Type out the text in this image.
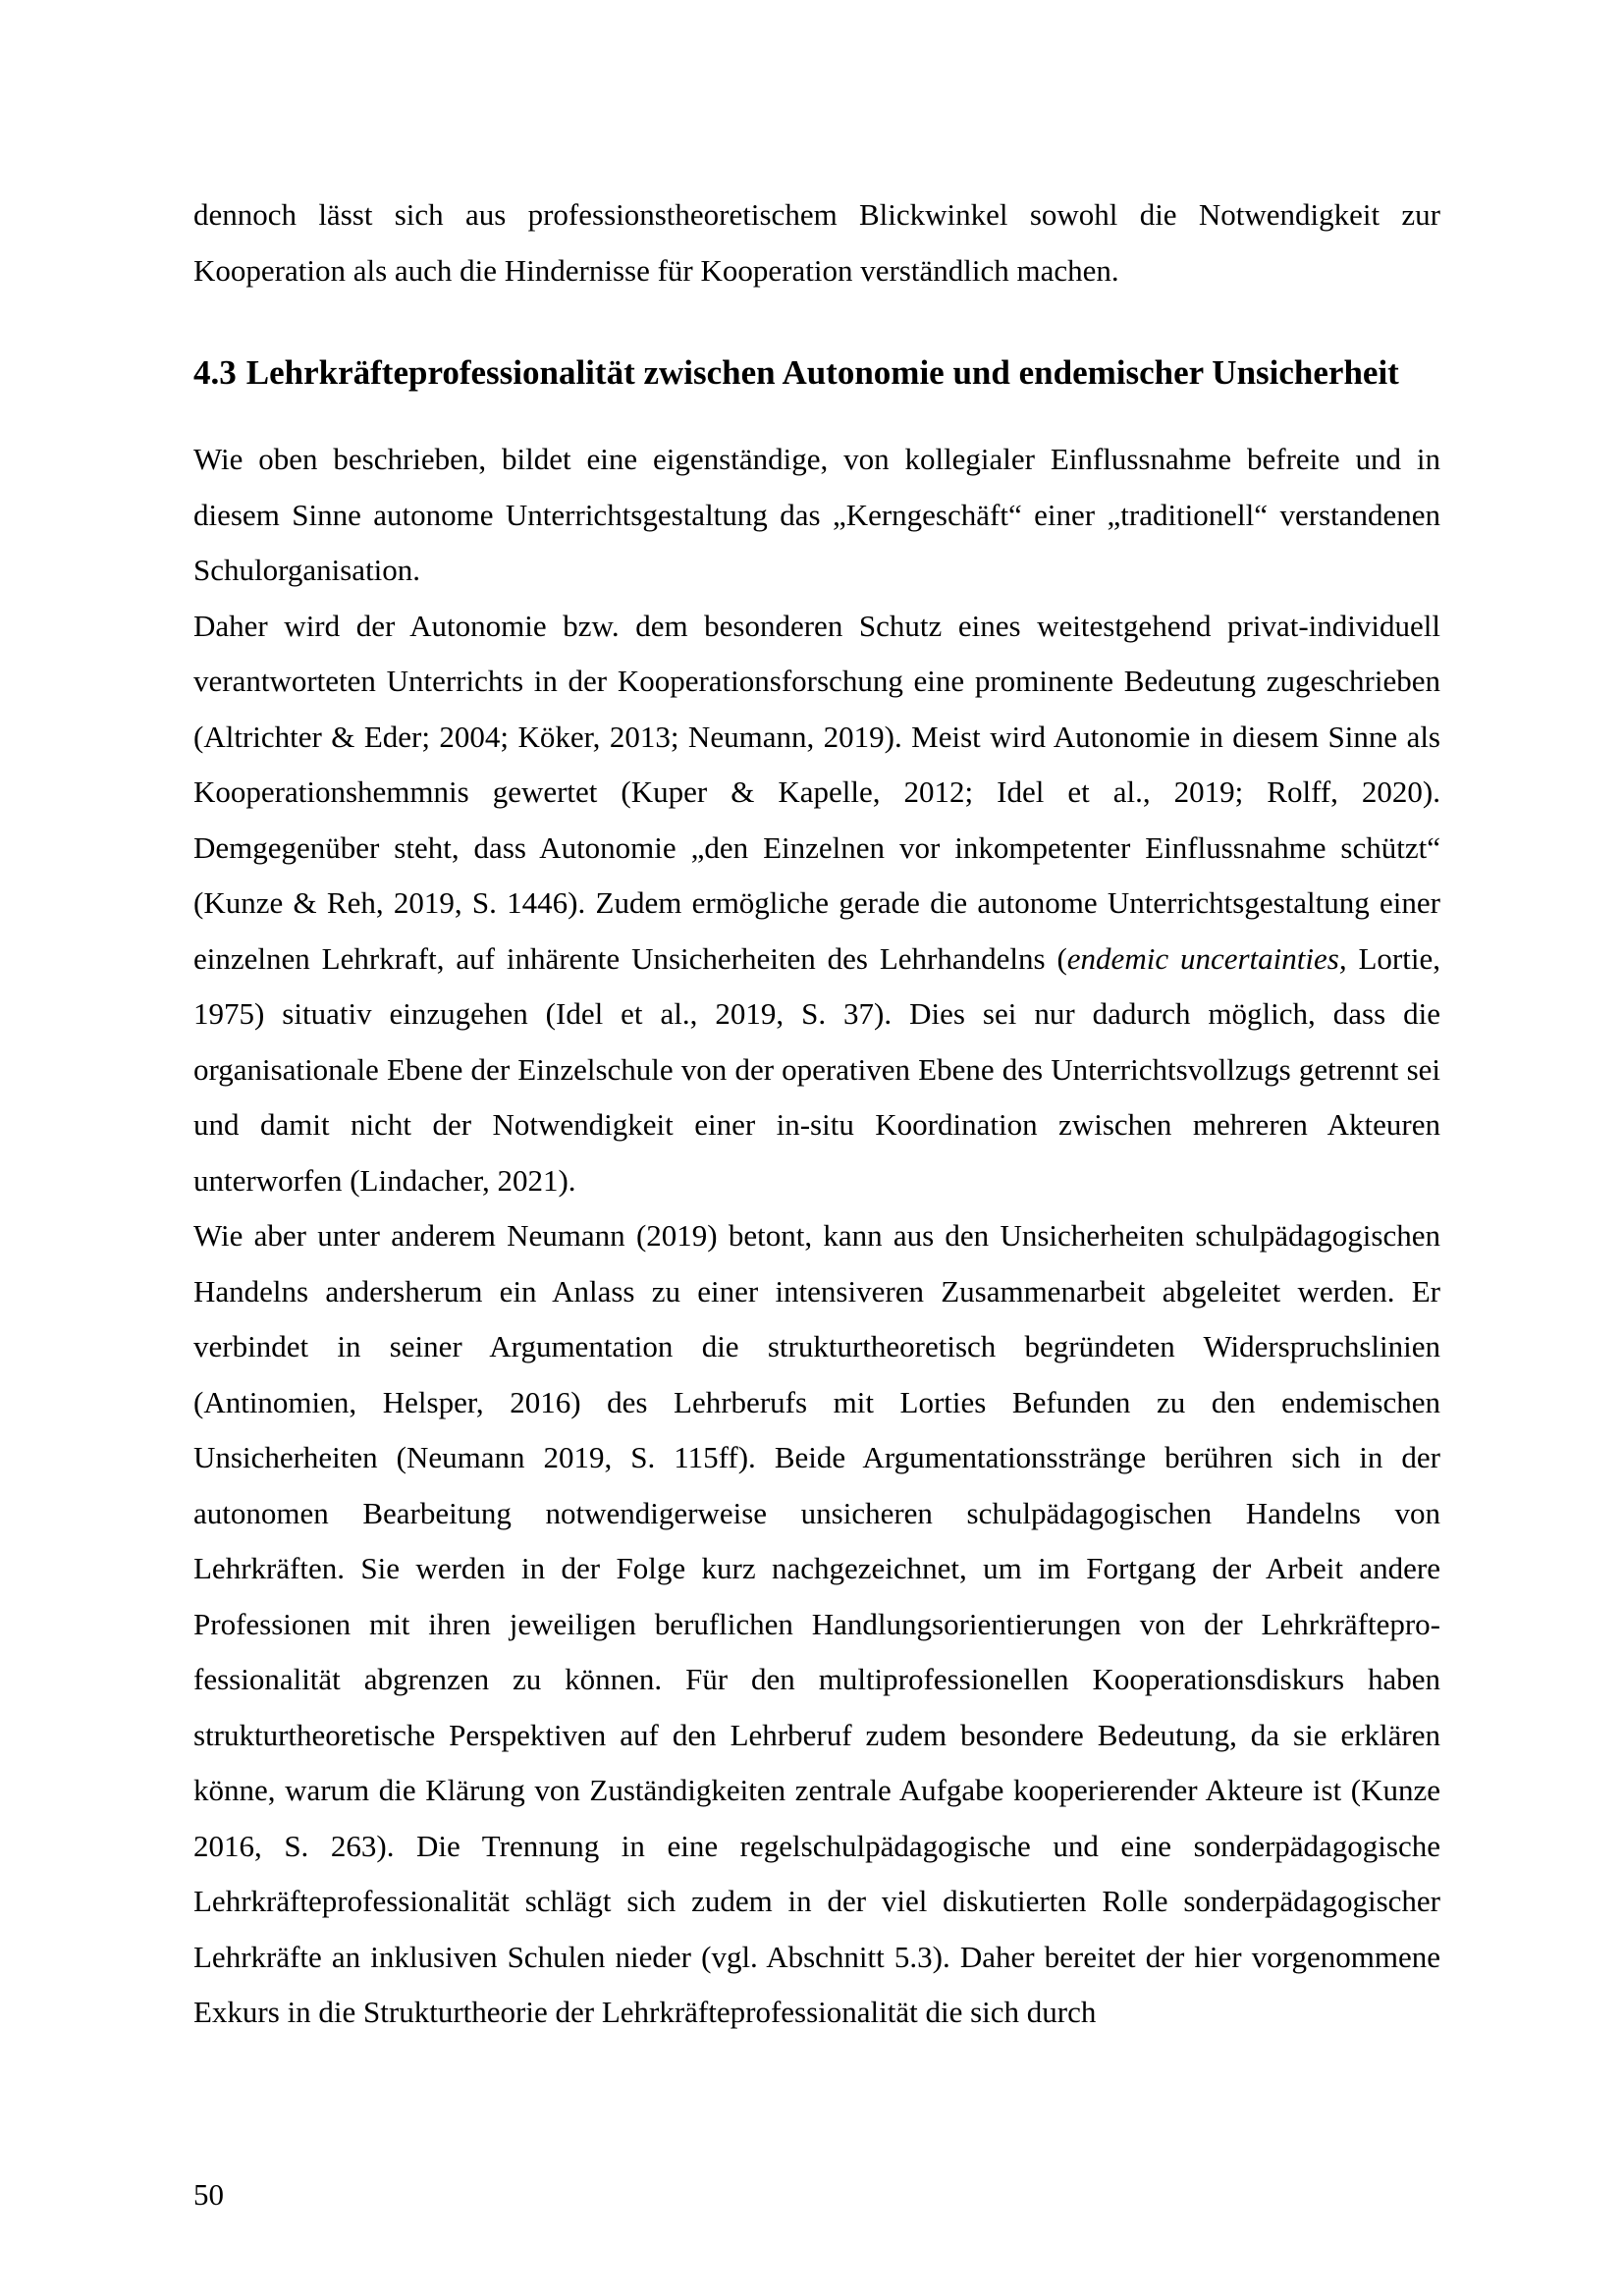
dennoch lässt sich aus professionstheoretischem Blickwinkel sowohl die Notwendigkeit zur Kooperation als auch die Hindernisse für Kooperation verständlich machen.

4.3 Lehrkräfteprofessionalität zwischen Autonomie und endemischer Unsicherheit

Wie oben beschrieben, bildet eine eigenständige, von kollegialer Einflussnahme befreite und in diesem Sinne autonome Unterrichtsgestaltung das „Kerngeschäft“ einer „traditionell“ verstandenen Schulorganisation.

Daher wird der Autonomie bzw. dem besonderen Schutz eines weitestgehend privat-individuell verantworteten Unterrichts in der Kooperationsforschung eine prominente Bedeutung zugeschrieben (Altrichter & Eder; 2004; Köker, 2013; Neumann, 2019). Meist wird Autonomie in diesem Sinne als Kooperationshemmnis gewertet (Kuper & Kapelle, 2012; Idel et al., 2019; Rolff, 2020). Demgegenüber steht, dass Autonomie „den Einzelnen vor inkompetenter Einflussnahme schützt“ (Kunze & Reh, 2019, S. 1446). Zudem ermögliche gerade die autonome Unterrichtsgestaltung einer einzelnen Lehrkraft, auf inhärente Unsicherheiten des Lehrhandelns (endemic uncertainties, Lortie, 1975) situativ einzugehen (Idel et al., 2019, S. 37). Dies sei nur dadurch möglich, dass die organisationale Ebene der Einzelschule von der operativen Ebene des Unterrichtsvollzugs getrennt sei und damit nicht der Notwendigkeit einer in-situ Koordination zwischen mehreren Akteuren unterworfen (Lindacher, 2021).

Wie aber unter anderem Neumann (2019) betont, kann aus den Unsicherheiten schulpädagogischen Handelns andersherum ein Anlass zu einer intensiveren Zusammenarbeit abgeleitet werden. Er verbindet in seiner Argumentation die strukturtheoretisch begründeten Widerspruchslinien (Antinomien, Helsper, 2016) des Lehrberufs mit Lorties Befunden zu den endemischen Unsicherheiten (Neumann 2019, S. 115ff). Beide Argumentationsstränge berühren sich in der autonomen Bearbeitung notwendigerweise unsicheren schulpädagogischen Handelns von Lehrkräften. Sie werden in der Folge kurz nachgezeichnet, um im Fortgang der Arbeit andere Professionen mit ihren jeweiligen beruflichen Handlungsorientierungen von der Lehrkräfteprofessionalität abgrenzen zu können. Für den multiprofessionellen Kooperationsdiskurs haben strukturtheoretische Perspektiven auf den Lehrberuf zudem besondere Bedeutung, da sie erklären könne, warum die Klärung von Zuständigkeiten zentrale Aufgabe kooperierender Akteure ist (Kunze 2016, S. 263). Die Trennung in eine regelschulpädagogische und eine sonderpädagogische Lehrkräfteprofessionalität schlägt sich zudem in der viel diskutierten Rolle sonderpädagogischer Lehrkräfte an inklusiven Schulen nieder (vgl. Abschnitt 5.3). Daher bereitet der hier vorgenommene Exkurs in die Strukturtheorie der Lehrkräfteprofessionalität die sich durch

50
